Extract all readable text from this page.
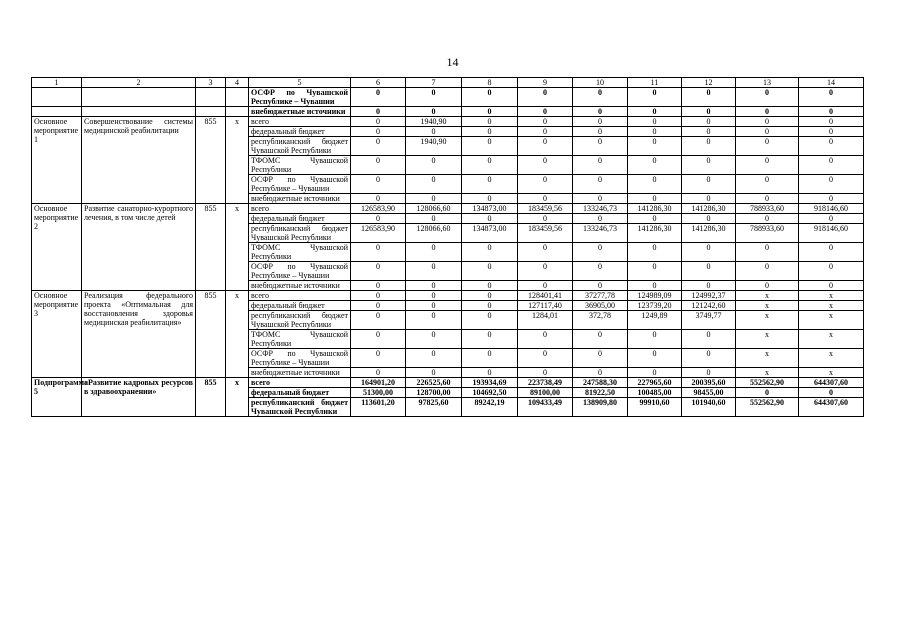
14
1	2	3	4	5	6	7	8	9	10	11	12	13	14
				ОСФР по Чувашской Республике – Чувашии	0	0	0	0	0	0	0	0	0
				внебюджетные источники	0	0	0	0	0	0	0	0	0
Основное мероприятие 1	Совершенствование системы медицинской реабилитации	855	x	всего	0	1940,90	0	0	0	0	0	0	0
				федеральный бюджет	0	0	0	0	0	0	0	0	0
				республиканский бюджет Чувашской Республики	0	1940,90	0	0	0	0	0	0	0
				ТФОМС Чувашской Республики	0	0	0	0	0	0	0	0	0
				ОСФР по Чувашской Республике – Чувашии	0	0	0	0	0	0	0	0	0
				внебюджетные источники	0	0	0	0	0	0	0	0	0
Основное мероприятие 2	Развитие санаторно-курортного лечения, в том числе детей	855	x	всего	126583,90	128066,60	134873,00	183459,56	133246,73	141286,30	141286,30	788933,60	918146,60
				федеральный бюджет	0	0	0	0	0	0	0	0	0
				республиканский бюджет Чувашской Республики	126583,90	128066,60	134873,00	183459,56	133246,73	141286,30	141286,30	788933,60	918146,60
				ТФОМС Чувашской Республики	0	0	0	0	0	0	0	0	0
				ОСФР по Чувашской Республике – Чувашии	0	0	0	0	0	0	0	0	0
				внебюджетные источники	0	0	0	0	0	0	0	0	0
Основное мероприятие 3	Реализация федерального проекта «Оптимальная для восстановления здоровья медицинская реабилитация»	855	x	всего	0	0	0	128401,41	37277,78	124989,09	124992,37	x	x
				федеральный бюджет	0	0	0	127117,40	36905,00	123739,20	121242,60	x	x
				республиканский бюджет Чувашской Республики	0	0	0	1284,01	372,78	1249,89	3749,77	x	x
				ТФОМС Чувашской Республики	0	0	0	0	0	0	0	x	x
				ОСФР по Чувашской Республике – Чувашии	0	0	0	0	0	0	0	x	x
				внебюджетные источники	0	0	0	0	0	0	0	x	x
Подпрограмма 5	«Развитие кадровых ресурсов в здравоохранении»	855	x	всего	164901,20	226525,60	193934,69	223738,49	247588,30	227965,60	200395,60	552562,90	644307,60
				федеральный бюджет	51300,00	128700,00	104692,50	89100,00	81922,50	100485,00	98455,00	0	0
				республиканский бюджет Чувашской Республики	113601,20	97825,60	89242,19	109433,49	138909,80	99910,60	101940,60	552562,90	644307,60
